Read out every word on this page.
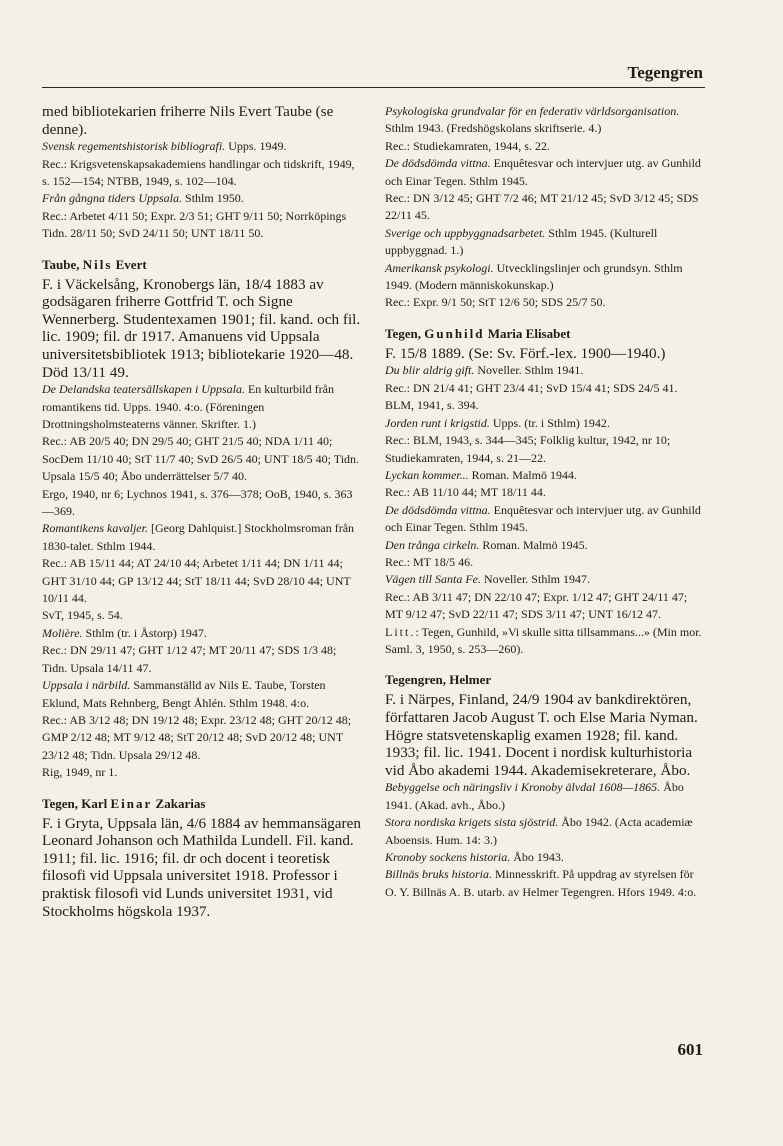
Tegengren

med bibliotekarien friherre Nils Evert Taube (se denne).

Svensk regementshistorisk bibliografi. Upps. 1949.

Rec.: Krigsvetenskapsakademiens handlingar och tidskrift, 1949, s. 152—154; NTBB, 1949, s. 102—104.

Från gångna tiders Uppsala. Sthlm 1950.

Rec.: Arbetet 4/11 50; Expr. 2/3 51; GHT 9/11 50; Norrköpings Tidn. 28/11 50; SvD 24/11 50; UNT 18/11 50.

Taube, Nils Evert

F. i Väckelsång, Kronobergs län, 18/4 1883 av godsägaren friherre Gottfrid T. och Signe Wennerberg. Studentexamen 1901; fil. kand. och fil. lic. 1909; fil. dr 1917. Amanuens vid Uppsala universitetsbibliotek 1913; bibliotekarie 1920—48. Död 13/11 49.

De Delandska teatersällskapen i Uppsala. En kulturbild från romantikens tid. Upps. 1940. 4:o. (Föreningen Drottningsholmsteaterns vänner. Skrifter. 1.)

Rec.: AB 20/5 40; DN 29/5 40; GHT 21/5 40; NDA 1/11 40; SocDem 11/10 40; StT 11/7 40; SvD 26/5 40; UNT 18/5 40; Tidn. Upsala 15/5 40; Åbo underrättelser 5/7 40.

Ergo, 1940, nr 6; Lychnos 1941, s. 376—378; OoB, 1940, s. 363—369.

Romantikens kavaljer. [Georg Dahlquist.] Stockholmsroman från 1830-talet. Sthlm 1944.

Rec.: AB 15/11 44; AT 24/10 44; Arbetet 1/11 44; DN 1/11 44; GHT 31/10 44; GP 13/12 44; StT 18/11 44; SvD 28/10 44; UNT 10/11 44.

SvT, 1945, s. 54.

Molière. Sthlm (tr. i Åstorp) 1947.

Rec.: DN 29/11 47; GHT 1/12 47; MT 20/11 47; SDS 1/3 48; Tidn. Upsala 14/11 47.

Uppsala i närbild. Sammanställd av Nils E. Taube, Torsten Eklund, Mats Rehnberg, Bengt Åhlén. Sthlm 1948. 4:o.

Rec.: AB 3/12 48; DN 19/12 48; Expr. 23/12 48; GHT 20/12 48; GMP 2/12 48; MT 9/12 48; StT 20/12 48; SvD 20/12 48; UNT 23/12 48; Tidn. Upsala 29/12 48.

Rig, 1949, nr 1.

Tegen, Karl Einar Zakarias

F. i Gryta, Uppsala län, 4/6 1884 av hemmansägaren Leonard Johanson och Mathilda Lundell. Fil. kand. 1911; fil. lic. 1916; fil. dr och docent i teoretisk filosofi vid Uppsala universitet 1918. Professor i praktisk filosofi vid Lunds universitet 1931, vid Stockholms högskola 1937.

Psykologiska grundvalar för en federativ världsorganisation. Sthlm 1943. (Fredshögskolans skriftserie. 4.)

Rec.: Studiekamraten, 1944, s. 22.

De dödsdömda vittna. Enquêtesvar och intervjuer utg. av Gunhild och Einar Tegen. Sthlm 1945.

Rec.: DN 3/12 45; GHT 7/2 46; MT 21/12 45; SvD 3/12 45; SDS 22/11 45.

Sverige och uppbyggnadsarbetet. Sthlm 1945. (Kulturell uppbyggnad. 1.)

Amerikansk psykologi. Utvecklingslinjer och grundsyn. Sthlm 1949. (Modern människokunskap.)

Rec.: Expr. 9/1 50; StT 12/6 50; SDS 25/7 50.

Tegen, Gunhild Maria Elisabet

F. 15/8 1889. (Se: Sv. Förf.-lex. 1900—1940.)

Du blir aldrig gift. Noveller. Sthlm 1941.

Rec.: DN 21/4 41; GHT 23/4 41; SvD 15/4 41; SDS 24/5 41.

BLM, 1941, s. 394.

Jorden runt i krigstid. Upps. (tr. i Sthlm) 1942.

Rec.: BLM, 1943, s. 344—345; Folklig kultur, 1942, nr 10; Studiekamraten, 1944, s. 21—22.

Lyckan kommer... Roman. Malmö 1944.

Rec.: AB 11/10 44; MT 18/11 44.

De dödsdömda vittna. Enquêtesvar och intervjuer utg. av Gunhild och Einar Tegen. Sthlm 1945.

Den trånga cirkeln. Roman. Malmö 1945.

Rec.: MT 18/5 46.

Vägen till Santa Fe. Noveller. Sthlm 1947.

Rec.: AB 3/11 47; DN 22/10 47; Expr. 1/12 47; GHT 24/11 47; MT 9/12 47; SvD 22/11 47; SDS 3/11 47; UNT 16/12 47.

Litt.: Tegen, Gunhild, »Vi skulle sitta tillsammans...» (Min mor. Saml. 3, 1950, s. 253—260).

Tegengren, Helmer

F. i Närpes, Finland, 24/9 1904 av bankdirektören, författaren Jacob August T. och Else Maria Nyman. Högre statsvetenskaplig examen 1928; fil. kand. 1933; fil. lic. 1941. Docent i nordisk kulturhistoria vid Åbo akademi 1944. Akademisekreterare, Åbo.

Bebyggelse och näringsliv i Kronoby älvdal 1608—1865. Åbo 1941. (Akad. avh., Åbo.)

Stora nordiska krigets sista sjöstrid. Åbo 1942. (Acta academiæ Aboensis. Hum. 14: 3.)

Kronoby sockens historia. Åbo 1943.

Billnäs bruks historia. Minnesskrift. På uppdrag av styrelsen för O. Y. Billnäs A. B. utarb. av Helmer Tegengren. Hfors 1949. 4:o.

601
